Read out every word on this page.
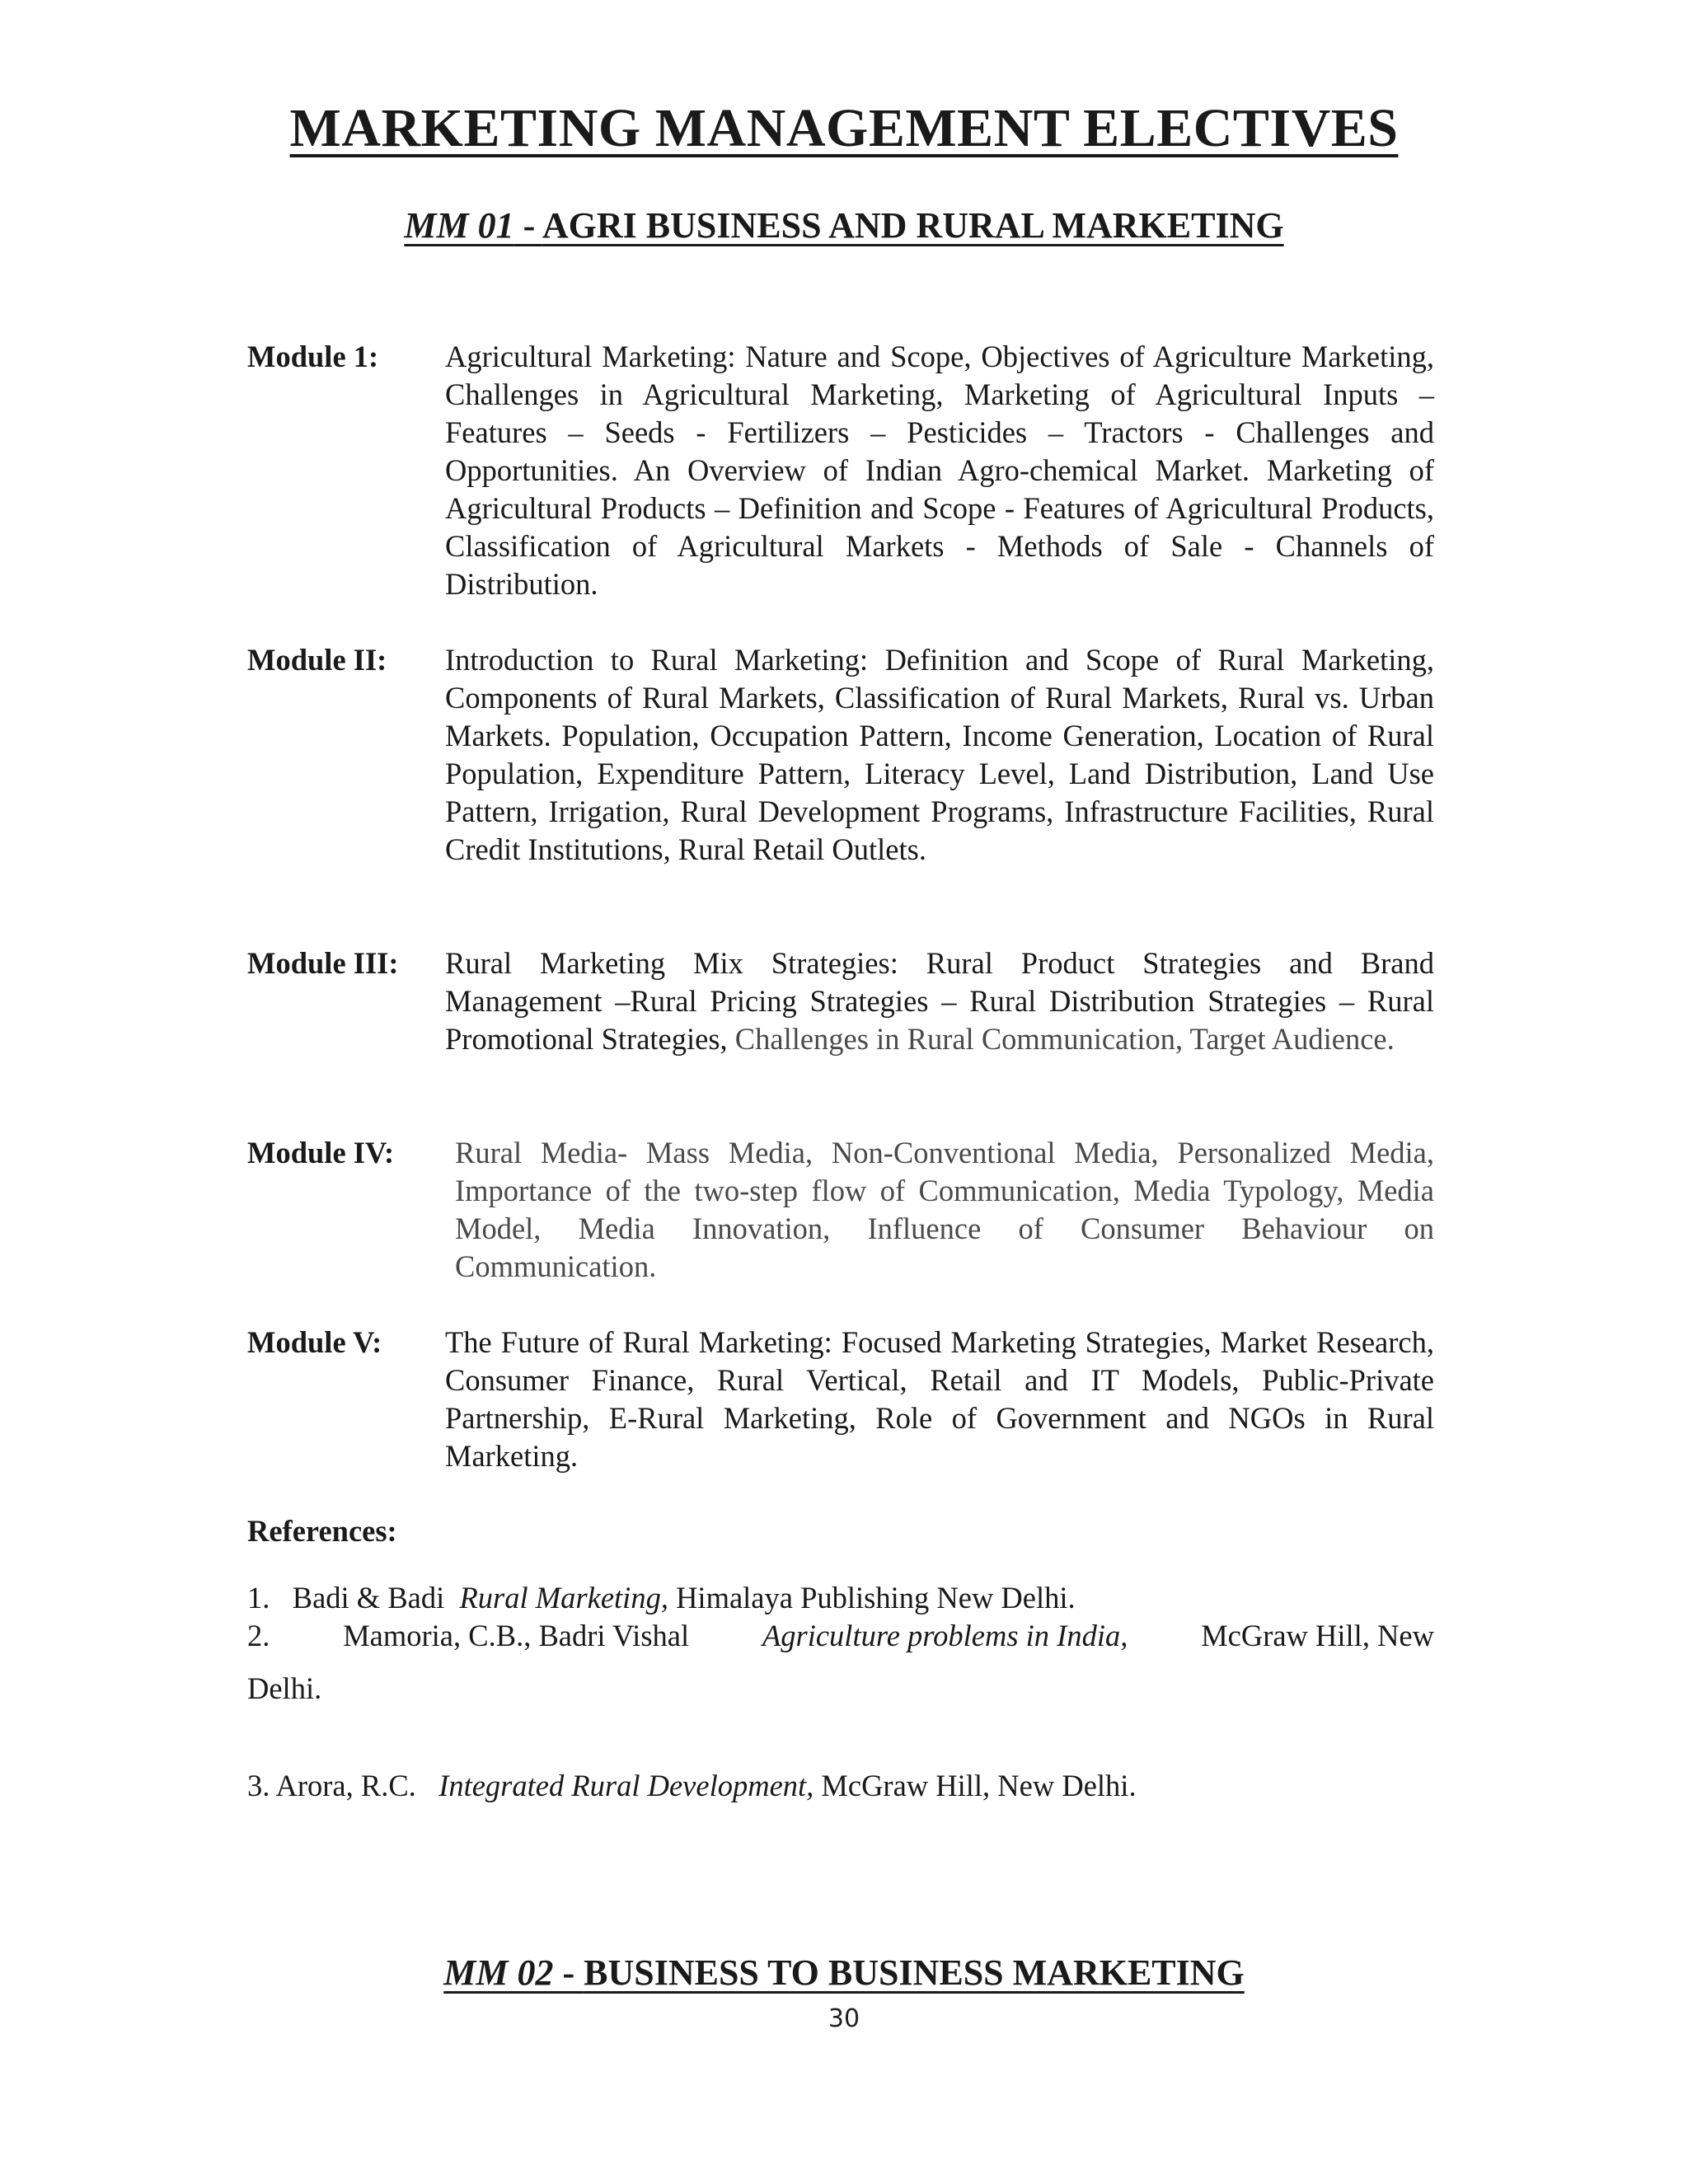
MARKETING MANAGEMENT ELECTIVES
MM 01 - AGRI BUSINESS AND RURAL MARKETING
Module 1:	Agricultural Marketing: Nature and Scope, Objectives of Agriculture Marketing, Challenges in Agricultural Marketing, Marketing of Agricultural Inputs – Features – Seeds - Fertilizers – Pesticides – Tractors - Challenges and Opportunities. An Overview of Indian Agro-chemical Market. Marketing of Agricultural Products – Definition and Scope - Features of Agricultural Products, Classification of Agricultural Markets - Methods of Sale - Channels of Distribution.
Module II:	Introduction to Rural Marketing: Definition and Scope of Rural Marketing, Components of Rural Markets, Classification of Rural Markets, Rural vs. Urban Markets. Population, Occupation Pattern, Income Generation, Location of Rural Population, Expenditure Pattern, Literacy Level, Land Distribution, Land Use Pattern, Irrigation, Rural Development Programs, Infrastructure Facilities, Rural Credit Institutions, Rural Retail Outlets.
Module III:	Rural Marketing Mix Strategies: Rural Product Strategies and Brand Management –Rural Pricing Strategies – Rural Distribution Strategies – Rural Promotional Strategies, Challenges in Rural Communication, Target Audience.
Module IV:	Rural Media- Mass Media, Non-Conventional Media, Personalized Media, Importance of the two-step flow of Communication, Media Typology, Media Model, Media Innovation, Influence of Consumer Behaviour on Communication.
Module V:	The Future of Rural Marketing: Focused Marketing Strategies, Market Research, Consumer Finance, Rural Vertical, Retail and IT Models, Public-Private Partnership, E-Rural Marketing, Role of Government and NGOs in Rural Marketing.
References:
1. Badi & Badi Rural Marketing, Himalaya Publishing New Delhi.
2. Mamoria, C.B., Badri Vishal Agriculture problems in India, McGraw Hill, New
Delhi.
3. Arora, R.C. Integrated Rural Development, McGraw Hill, New Delhi.
MM 02 - BUSINESS TO BUSINESS MARKETING
30
